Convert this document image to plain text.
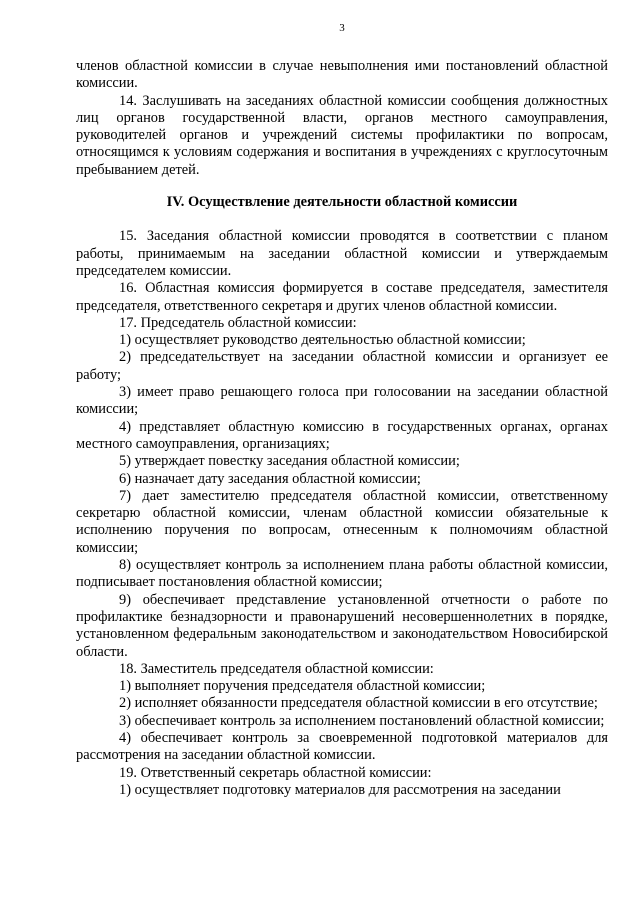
3

членов областной комиссии в случае невыполнения ими постановлений областной комиссии.

14. Заслушивать на заседаниях областной комиссии сообщения должностных лиц органов государственной власти, органов местного самоуправления, руководителей органов и учреждений системы профилактики по вопросам, относящимся к условиям содержания и воспитания в учреждениях с круглосуточным пребыванием детей.

IV. Осуществление деятельности областной комиссии

15. Заседания областной комиссии проводятся в соответствии с планом работы, принимаемым на заседании областной комиссии и утверждаемым председателем комиссии.

16. Областная комиссия формируется в составе председателя, заместителя председателя, ответственного секретаря и других членов областной комиссии.

17. Председатель областной комиссии:

1) осуществляет руководство деятельностью областной комиссии;

2) председательствует на заседании областной комиссии и организует ее работу;

3) имеет право решающего голоса при голосовании на заседании областной комиссии;

4) представляет областную комиссию в государственных органах, органах местного самоуправления, организациях;

5) утверждает повестку заседания областной комиссии;

6) назначает дату заседания областной комиссии;

7) дает заместителю председателя областной комиссии, ответственному секретарю областной комиссии, членам областной комиссии обязательные к исполнению поручения по вопросам, отнесенным к полномочиям областной комиссии;

8) осуществляет контроль за исполнением плана работы областной комиссии, подписывает постановления областной комиссии;

9) обеспечивает представление установленной отчетности о работе по профилактике безнадзорности и правонарушений несовершеннолетних в порядке, установленном федеральным законодательством и законодательством Новосибирской области.

18. Заместитель председателя областной комиссии:

1) выполняет поручения председателя областной комиссии;

2) исполняет обязанности председателя областной комиссии в его отсутствие;

3) обеспечивает контроль за исполнением постановлений областной комиссии;

4) обеспечивает контроль за своевременной подготовкой материалов для рассмотрения на заседании областной комиссии.

19. Ответственный секретарь областной комиссии:

1) осуществляет подготовку материалов для рассмотрения на заседании
